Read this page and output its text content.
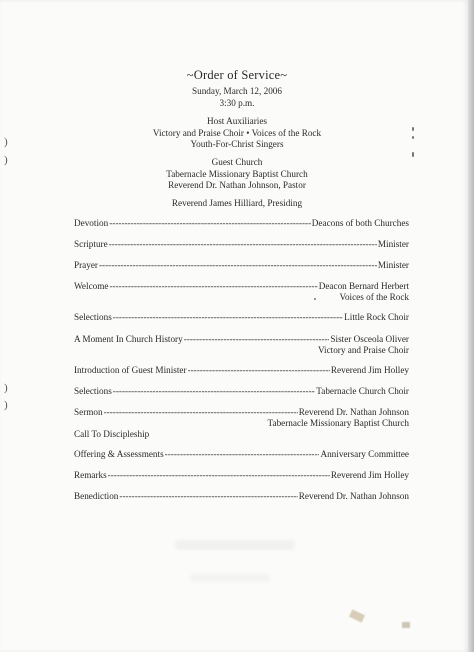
~Order of Service~
Sunday, March 12, 2006
3:30 p.m.
Host Auxiliaries
Victory and Praise Choir • Voices of the Rock
Youth-For-Christ Singers
Guest Church
Tabernacle Missionary Baptist Church
Reverend Dr. Nathan Johnson, Pastor
Reverend James Hilliard, Presiding
Devotion -----	Deacons of both Churches
Scripture -----	Minister
Prayer -----	Minister
Welcome -----	Deacon Bernard Herbert
Voices of the Rock
Selections -----	Little Rock Choir
A Moment In Church History -----	Sister Osceola Oliver
Victory and Praise Choir
Introduction of Guest Minister -----	Reverend Jim Holley
Selections -----	Tabernacle Church Choir
Sermon -----	Reverend Dr. Nathan Johnson
Tabernacle Missionary Baptist Church
Call To Discipleship
Offering & Assessments -----	Anniversary Committee
Remarks -----	Reverend Jim Holley
Benediction -----	Reverend Dr. Nathan Johnson
)
)
)
)
